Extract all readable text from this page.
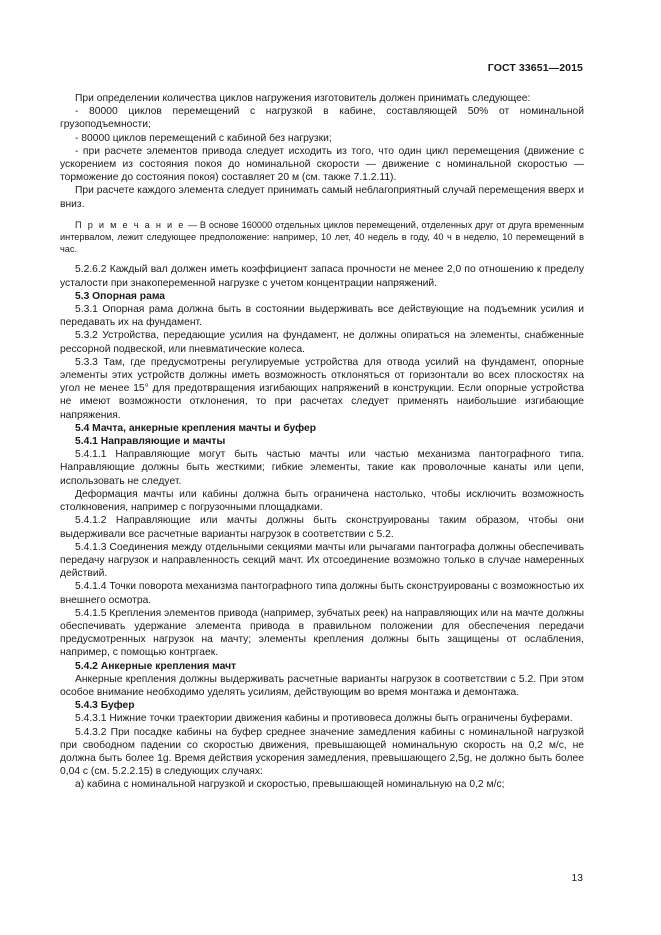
ГОСТ 33651—2015

При определении количества циклов нагружения изготовитель должен принимать следующее:

- 80000 циклов перемещений с нагрузкой в кабине, составляющей 50% от номинальной грузоподъемности;

- 80000 циклов перемещений с кабиной без нагрузки;

- при расчете элементов привода следует исходить из того, что один цикл перемещения (движение с ускорением из состояния покоя до номинальной скорости — движение с номинальной скоростью — торможение до состояния покоя) составляет 20 м (см. также 7.1.2.11).

При расчете каждого элемента следует принимать самый неблагоприятный случай перемещения вверх и вниз.

П р и м е ч а н и е — В основе 160000 отдельных циклов перемещений, отделенных друг от друга временным интервалом, лежит следующее предположение: например, 10 лет, 40 недель в году, 40 ч в неделю, 10 перемещений в час.

5.2.6.2 Каждый вал должен иметь коэффициент запаса прочности не менее 2,0 по отношению к пределу усталости при знакопеременной нагрузке с учетом концентрации напряжений.

5.3 Опорная рама

5.3.1 Опорная рама должна быть в состоянии выдерживать все действующие на подъемник усилия и передавать их на фундамент.

5.3.2 Устройства, передающие усилия на фундамент, не должны опираться на элементы, снабженные рессорной подвеской, или пневматические колеса.

5.3.3 Там, где предусмотрены регулируемые устройства для отвода усилий на фундамент, опорные элементы этих устройств должны иметь возможность отклоняться от горизонтали во всех плоскостях на угол не менее 15° для предотвращения изгибающих напряжений в конструкции. Если опорные устройства не имеют возможности отклонения, то при расчетах следует применять наибольшие изгибающие напряжения.

5.4 Мачта, анкерные крепления мачты и буфер

5.4.1 Направляющие и мачты

5.4.1.1 Направляющие могут быть частью мачты или частью механизма пантографного типа. Направляющие должны быть жесткими; гибкие элементы, такие как проволочные канаты или цепи, использовать не следует.

Деформация мачты или кабины должна быть ограничена настолько, чтобы исключить возможность столкновения, например с погрузочными площадками.

5.4.1.2 Направляющие или мачты должны быть сконструированы таким образом, чтобы они выдерживали все расчетные варианты нагрузок в соответствии с 5.2.

5.4.1.3 Соединения между отдельными секциями мачты или рычагами пантографа должны обеспечивать передачу нагрузок и направленность секций мачт. Их отсоединение возможно только в случае намеренных действий.

5.4.1.4 Точки поворота механизма пантографного типа должны быть сконструированы с возможностью их внешнего осмотра.

5.4.1.5 Крепления элементов привода (например, зубчатых реек) на направляющих или на мачте должны обеспечивать удержание элемента привода в правильном положении для обеспечения передачи предусмотренных нагрузок на мачту; элементы крепления должны быть защищены от ослабления, например, с помощью контргаек.

5.4.2 Анкерные крепления мачт

Анкерные крепления должны выдерживать расчетные варианты нагрузок в соответствии с 5.2. При этом особое внимание необходимо уделять усилиям, действующим во время монтажа и демонтажа.

5.4.3 Буфер

5.4.3.1 Нижние точки траектории движения кабины и противовеса должны быть ограничены буферами.

5.4.3.2 При посадке кабины на буфер среднее значение замедления кабины с номинальной нагрузкой при свободном падении со скоростью движения, превышающей номинальную скорость на 0,2 м/с, не должна быть более 1g. Время действия ускорения замедления, превышающего 2,5g, не должно быть более 0,04 с (см. 5.2.2.15) в следующих случаях:

а) кабина с номинальной нагрузкой и скоростью, превышающей номинальную на 0,2 м/с;

13
